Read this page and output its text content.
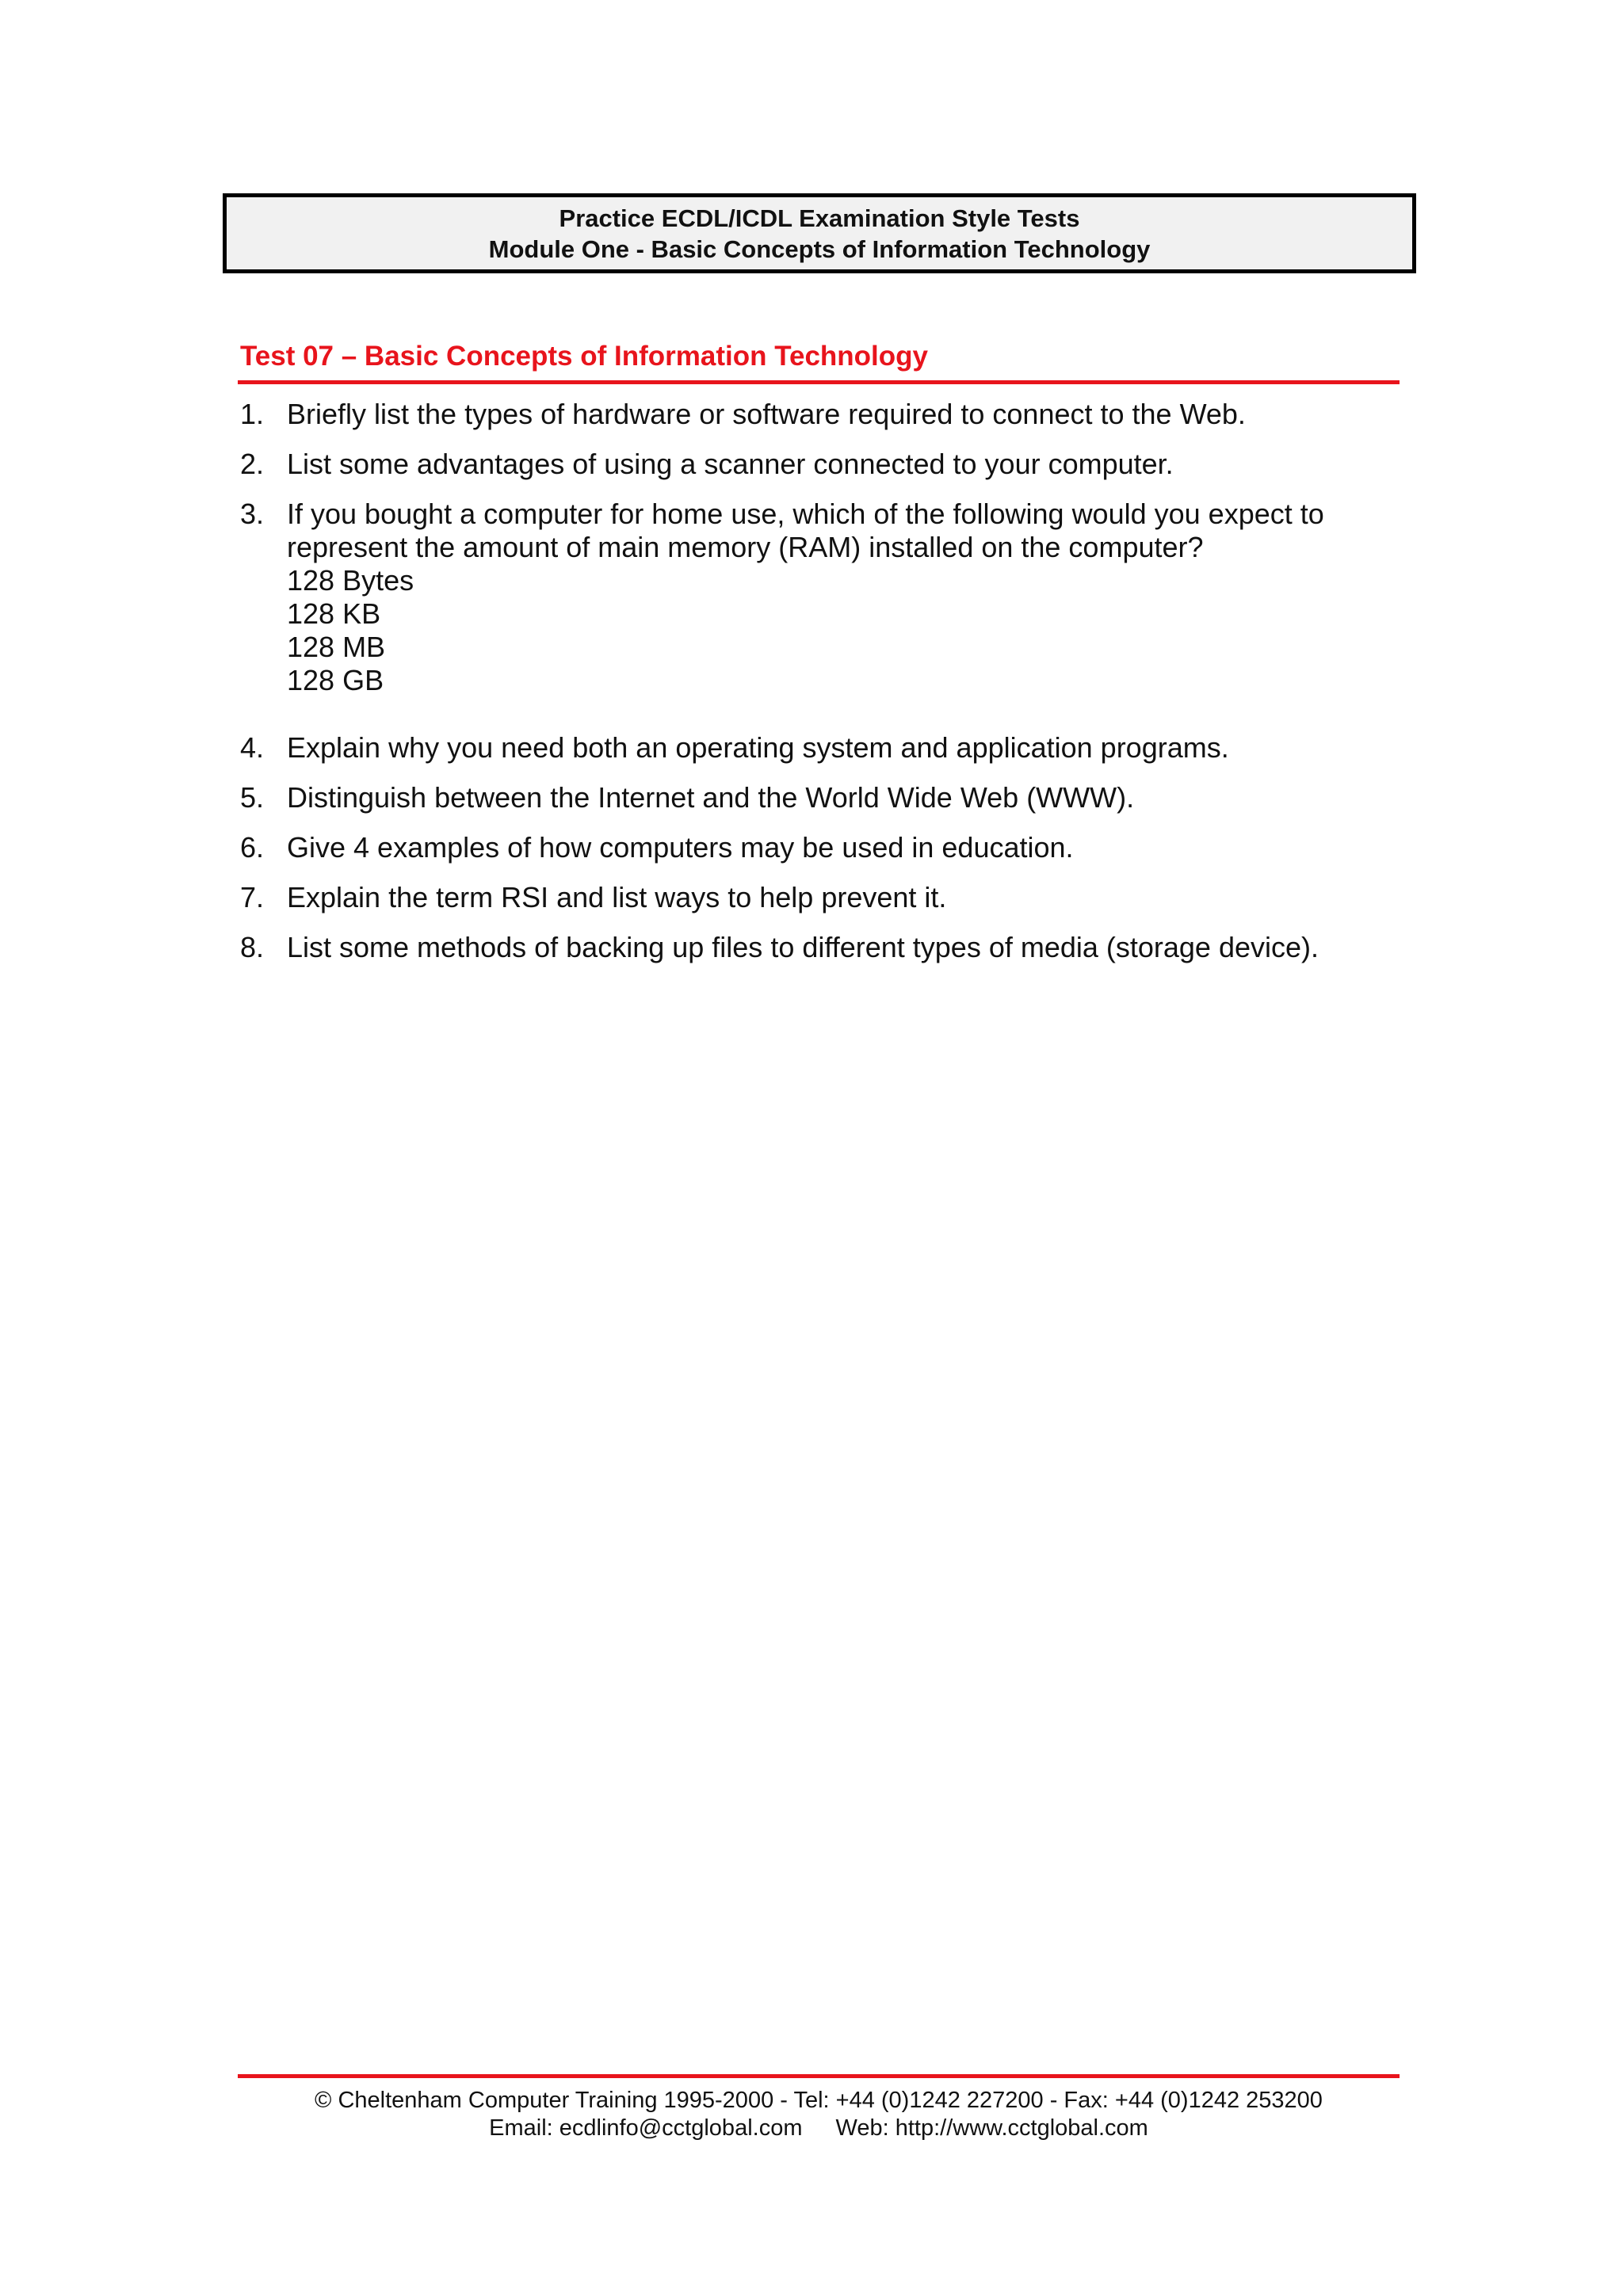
Practice ECDL/ICDL Examination Style Tests
Module One - Basic Concepts of Information Technology
Test 07 – Basic Concepts of Information Technology
1. Briefly list the types of hardware or software required to connect to the Web.
2. List some advantages of using a scanner connected to your computer.
3. If you bought a computer for home use, which of the following would you expect to represent the amount of main memory (RAM) installed on the computer?
128 Bytes
128 KB
128 MB
128 GB
4. Explain why you need both an operating system and application programs.
5. Distinguish between the Internet and the World Wide Web (WWW).
6. Give 4 examples of how computers may be used in education.
7. Explain the term RSI and list ways to help prevent it.
8. List some methods of backing up files to different types of media (storage device).
© Cheltenham Computer Training 1995-2000 - Tel: +44 (0)1242 227200 - Fax: +44 (0)1242 253200
Email: ecdlinfo@cctglobal.com Web: http://www.cctglobal.com
